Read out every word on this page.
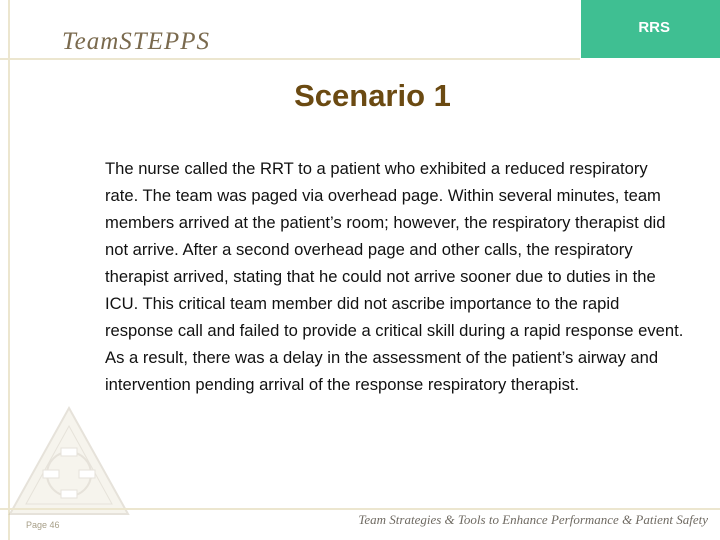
TeamSTEPPS
RRS
Scenario 1
The nurse called the RRT to a patient who exhibited a reduced respiratory rate. The team was paged via overhead page. Within several minutes, team members arrived at the patient’s room; however, the respiratory therapist did not arrive. After a second overhead page and other calls, the respiratory therapist arrived, stating that he could not arrive sooner due to duties in the ICU. This critical team member did not ascribe importance to the rapid response call and failed to provide a critical skill during a rapid response event. As a result, there was a delay in the assessment of the patient’s airway and intervention pending arrival of the response respiratory therapist.
Page 46	Team Strategies & Tools to Enhance Performance & Patient Safety
